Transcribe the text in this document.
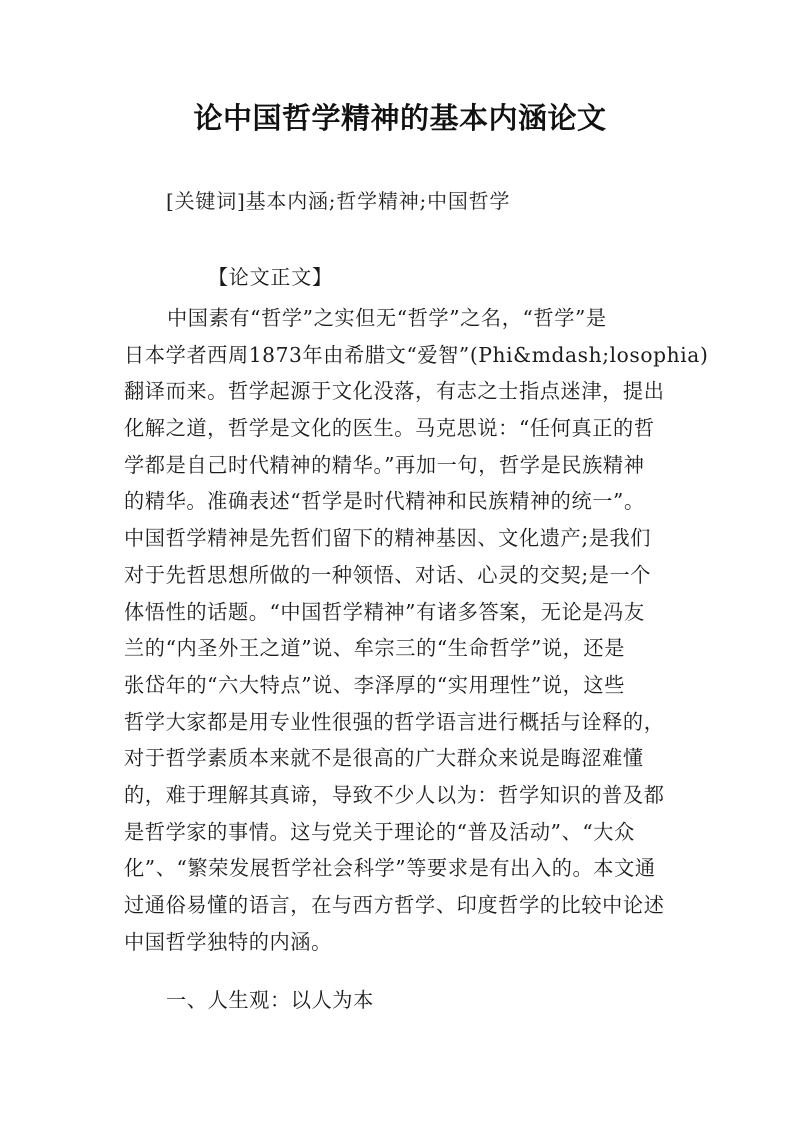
论中国哲学精神的基本内涵论文
[关键词]基本内涵;哲学精神;中国哲学
【论文正文】
中国素有“哲学”之实但无“哲学”之名，“哲学”是
日本学者西周1873年由希腊文“爱智”(Phi&mdash;losophia)
翻译而来。哲学起源于文化没落，有志之士指点迷津，提出
化解之道，哲学是文化的医生。马克思说：“任何真正的哲
学都是自己时代精神的精华。”再加一句，哲学是民族精神
的精华。准确表述“哲学是时代精神和民族精神的统一”。
中国哲学精神是先哲们留下的精神基因、文化遗产;是我们
对于先哲思想所做的一种领悟、对话、心灵的交契;是一个
体悟性的话题。“中国哲学精神”有诸多答案，无论是冯友
兰的“内圣外王之道”说、牟宗三的“生命哲学”说，还是
张岱年的“六大特点”说、李泽厚的“实用理性”说，这些
哲学大家都是用专业性很强的哲学语言进行概括与诠释的，
对于哲学素质本来就不是很高的广大群众来说是晦涩难懂
的，难于理解其真谛，导致不少人以为：哲学知识的普及都
是哲学家的事情。这与党关于理论的“普及活动”、“大众
化”、“繁荣发展哲学社会科学”等要求是有出入的。本文通
过通俗易懂的语言，在与西方哲学、印度哲学的比较中论述
中国哲学独特的内涵。
一、人生观：以人为本
